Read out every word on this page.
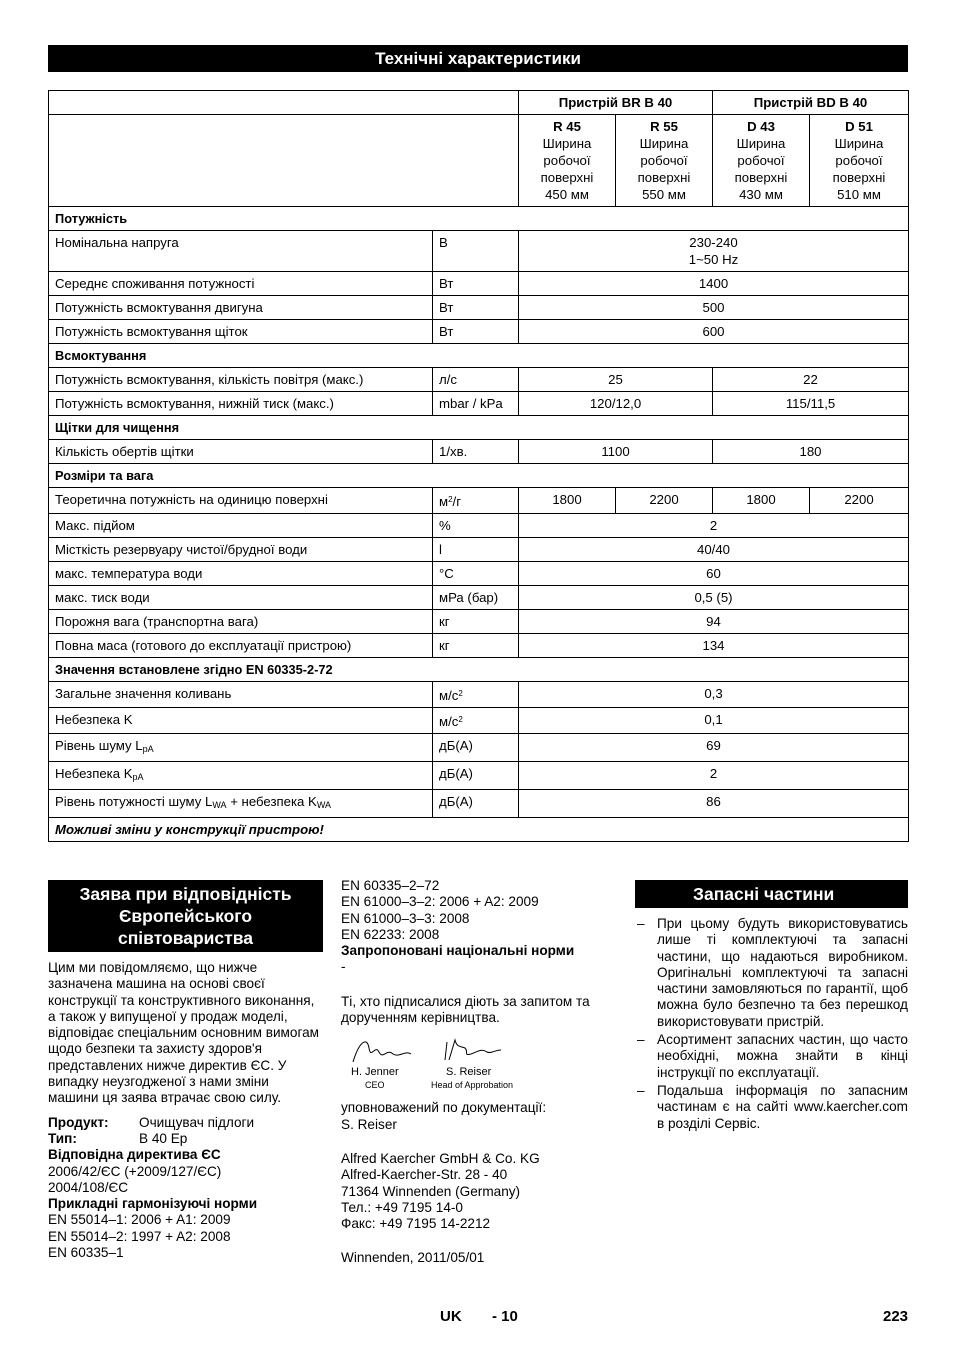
Технічні характеристики
		Пристрій BR B 40		Пристрій BD B 40	
		R 45
Ширина
робочої
поверхні
450 мм	R 55
Ширина
робочої
поверхні
550 мм	D 43
Ширина
робочої
поверхні
430 мм	D 51
Ширина
робочої
поверхні
510 мм
Потужність					
Номінальна напруга	В	230-240
1~50 Hz			
Середнє споживання потужності	Вт	1400			
Потужність всмоктування двигуна	Вт	500			
Потужність всмоктування щіток	Вт	600			
Всмоктування					
Потужність всмоктування, кількість повітря (макс.)	л/с	25		22	
Потужність всмоктування, нижній тиск (макс.)	mbar / kPa	120/12,0		115/11,5	
Щітки для чищення					
Кількість обертів щітки	1/хв.	1100		180	
Розміри та вага					
Теоретична потужність на одиницю поверхні	$м^2/г$	1800	2200	1800	2200
Макс. підйом	%	2			
Місткість резервуару чистої/брудної води	l	40/40			
макс. температура води	°C	60			
макс. тиск води	мРа (бар)	0,5 (5)			
Порожня вага (транспортна вага)	кг	94			
Повна маса (готового до експлуатації пристрою)	кг	134			
Значення встановлене згідно EN 60335-2-72					
Загальне значення коливань	$м/с^2$	0,3			
Небезпека K	$м/с^2$	0,1			
Рівень шуму LpA	дБ(A)	69			
Небезпека KpA	дБ(A)	2			
Рівень потужності шуму LWA + небезпека KWA	дБ(A)	86			
Можливі зміни у конструкції пристрою!					
Заява при відповідність
Європейського
співтовариства

Цим ми повідомляємо, що нижче зазначена машина на основі своєї конструкції та конструктивного виконання, а також у випущеної у продаж моделі, відповідає спеціальним основним вимогам щодо безпеки та захисту здоров'я представлених нижче директив ЄС. У випадку неузгодженої з нами зміни машини ця заява втрачає свою силу.

Продукт:	Очищувач підлоги
Тип:	B 40 Ep

Відповідна директива ЄС

2006/42/ЄС (+2009/127/ЄС)

2004/108/ЄС

Прикладні гармонізуючі норми

EN 55014–1: 2006 + A1: 2009

EN 55014–2: 1997 + A2: 2008

EN 60335–1

EN 60335–2–72

EN 61000–3–2: 2006 + A2: 2009

EN 61000–3–3: 2008

EN 62233: 2008

Запропоновані національні норми

-

Ті, хто підписалися діють за запитом та дорученням керівництва.

H. Jenner
CEO
S. Reiser
Head of Approbation

уповноважений по документації:

S. Reiser

Alfred Kaercher GmbH & Co. KG

Alfred-Kaercher-Str. 28 - 40

71364 Winnenden (Germany)

Тел.: +49 7195 14-0

Факс: +49 7195 14-2212

Winnenden, 2011/05/01

Запасні частини
– При цьому будуть використовуватись лише ті комплектуючі та запасні частини, що надаються виробником. Оригінальні комплектуючі та запасні частини замовляються по гарантії, щоб можна було безпечно та без перешкод використовувати пристрій.
– Асортимент запасних частин, що часто необхідні, можна знайти в кінці інструкції по експлуатації.
– Подальша інформація по запасним частинам є на сайті www.kaercher.com в розділі Сервіс.
UK - 10	223
